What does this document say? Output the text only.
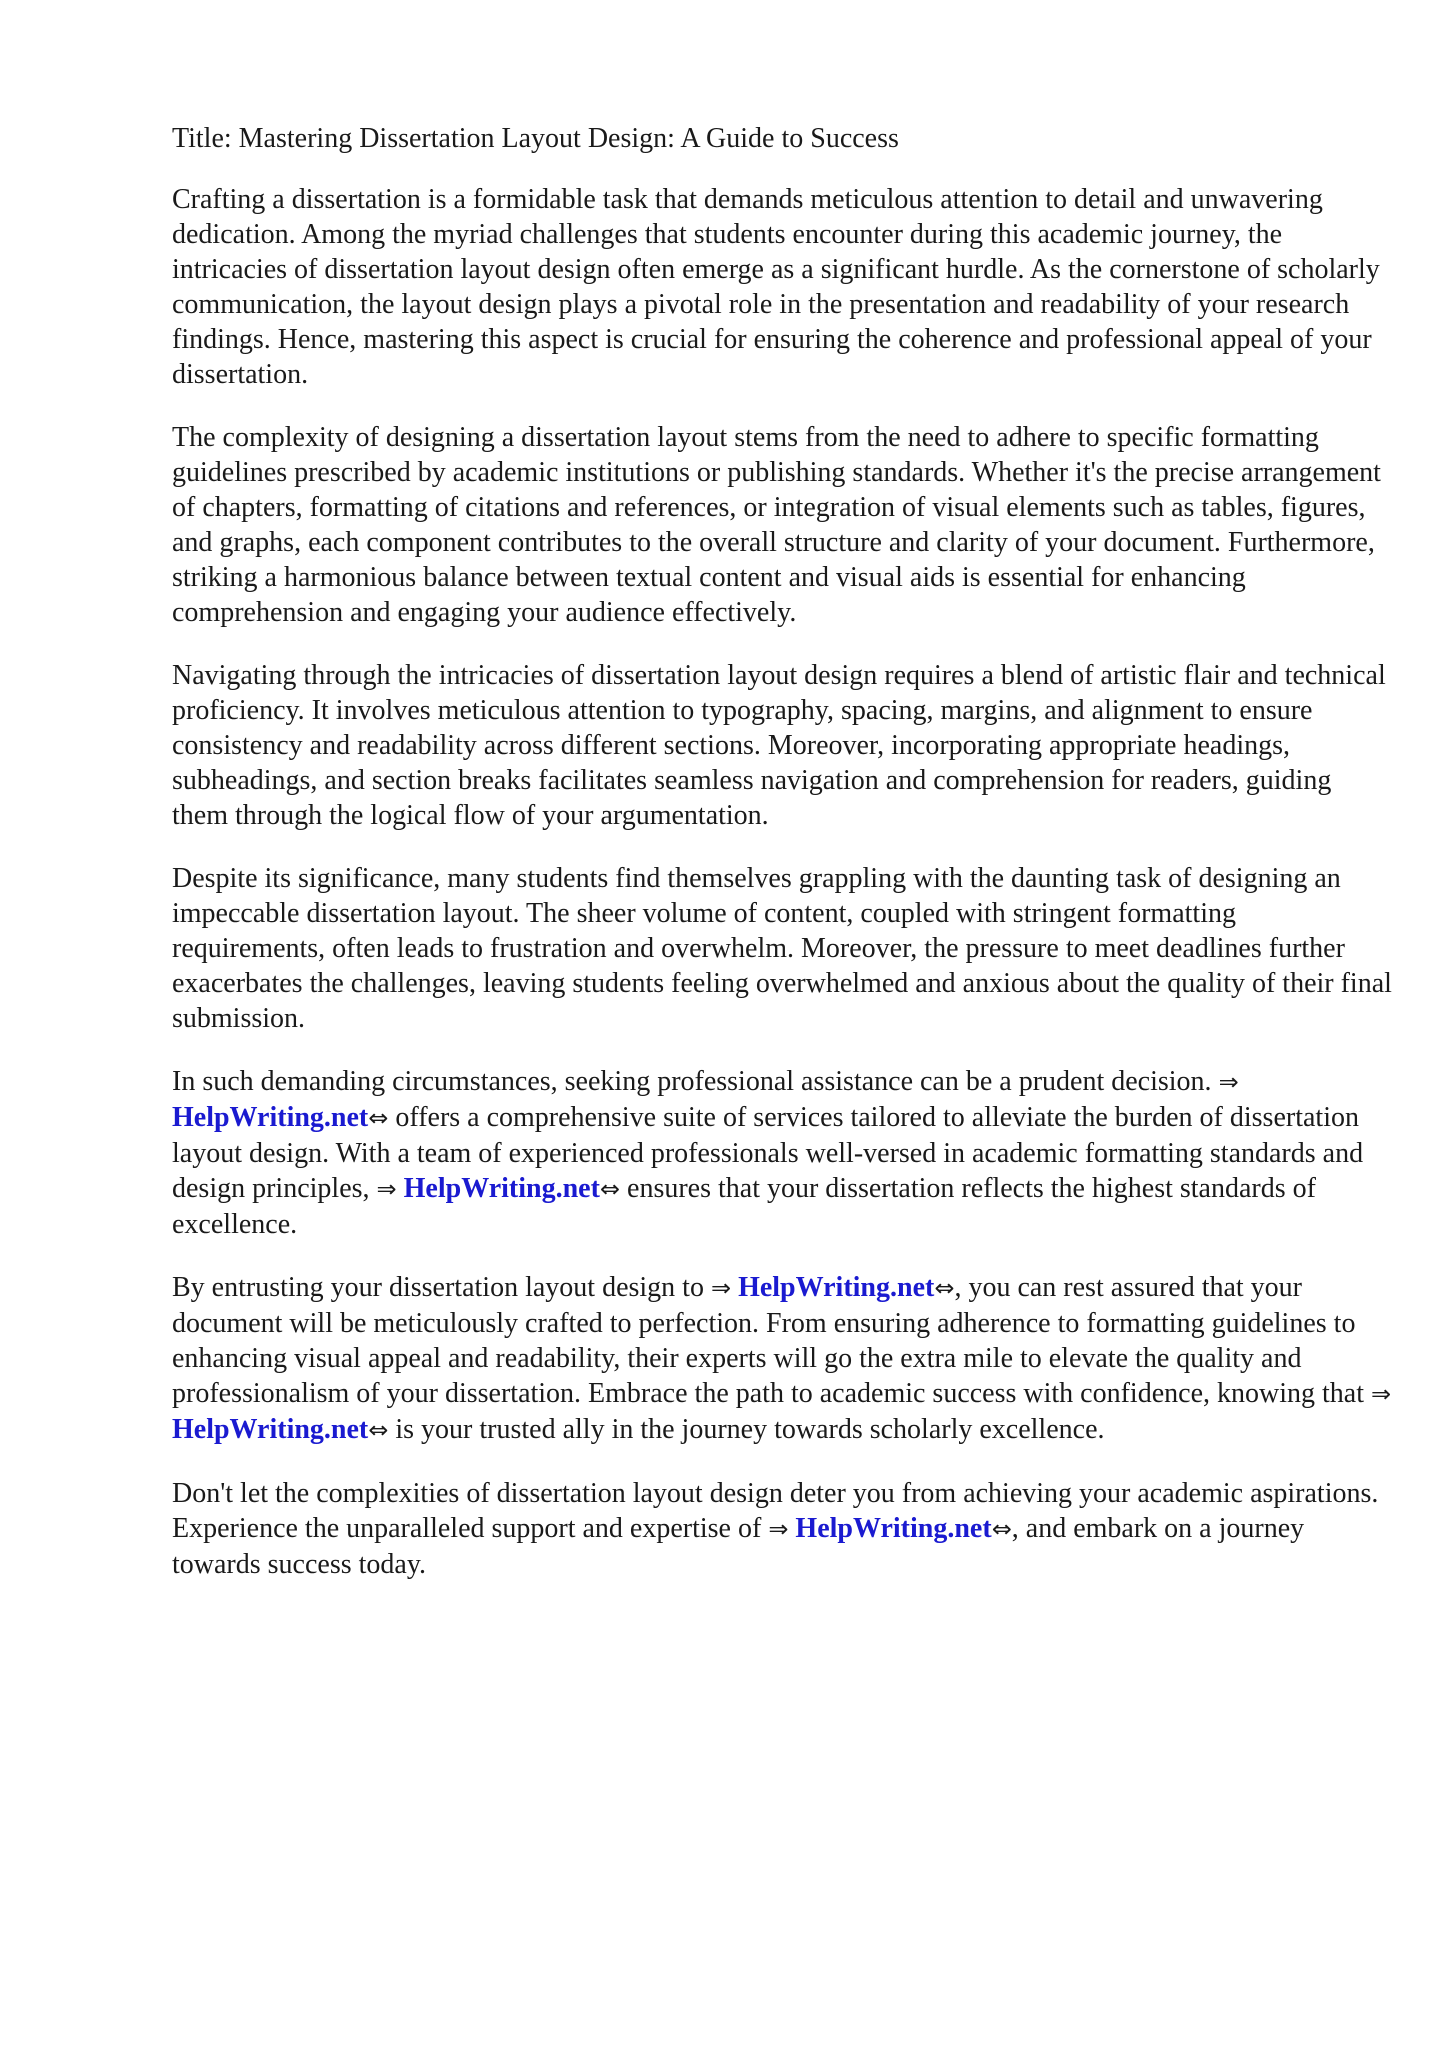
Title: Mastering Dissertation Layout Design: A Guide to Success

Crafting a dissertation is a formidable task that demands meticulous attention to detail and unwavering dedication. Among the myriad challenges that students encounter during this academic journey, the intricacies of dissertation layout design often emerge as a significant hurdle. As the cornerstone of scholarly communication, the layout design plays a pivotal role in the presentation and readability of your research findings. Hence, mastering this aspect is crucial for ensuring the coherence and professional appeal of your dissertation.

The complexity of designing a dissertation layout stems from the need to adhere to specific formatting guidelines prescribed by academic institutions or publishing standards. Whether it's the precise arrangement of chapters, formatting of citations and references, or integration of visual elements such as tables, figures, and graphs, each component contributes to the overall structure and clarity of your document. Furthermore, striking a harmonious balance between textual content and visual aids is essential for enhancing comprehension and engaging your audience effectively.

Navigating through the intricacies of dissertation layout design requires a blend of artistic flair and technical proficiency. It involves meticulous attention to typography, spacing, margins, and alignment to ensure consistency and readability across different sections. Moreover, incorporating appropriate headings, subheadings, and section breaks facilitates seamless navigation and comprehension for readers, guiding them through the logical flow of your argumentation.

Despite its significance, many students find themselves grappling with the daunting task of designing an impeccable dissertation layout. The sheer volume of content, coupled with stringent formatting requirements, often leads to frustration and overwhelm. Moreover, the pressure to meet deadlines further exacerbates the challenges, leaving students feeling overwhelmed and anxious about the quality of their final submission.

In such demanding circumstances, seeking professional assistance can be a prudent decision. ⇒ HelpWriting.net⇔ offers a comprehensive suite of services tailored to alleviate the burden of dissertation layout design. With a team of experienced professionals well-versed in academic formatting standards and design principles, ⇒ HelpWriting.net⇔ ensures that your dissertation reflects the highest standards of excellence.

By entrusting your dissertation layout design to ⇒ HelpWriting.net⇔, you can rest assured that your document will be meticulously crafted to perfection. From ensuring adherence to formatting guidelines to enhancing visual appeal and readability, their experts will go the extra mile to elevate the quality and professionalism of your dissertation. Embrace the path to academic success with confidence, knowing that ⇒ HelpWriting.net⇔ is your trusted ally in the journey towards scholarly excellence.

Don't let the complexities of dissertation layout design deter you from achieving your academic aspirations. Experience the unparalleled support and expertise of ⇒ HelpWriting.net⇔, and embark on a journey towards success today.
